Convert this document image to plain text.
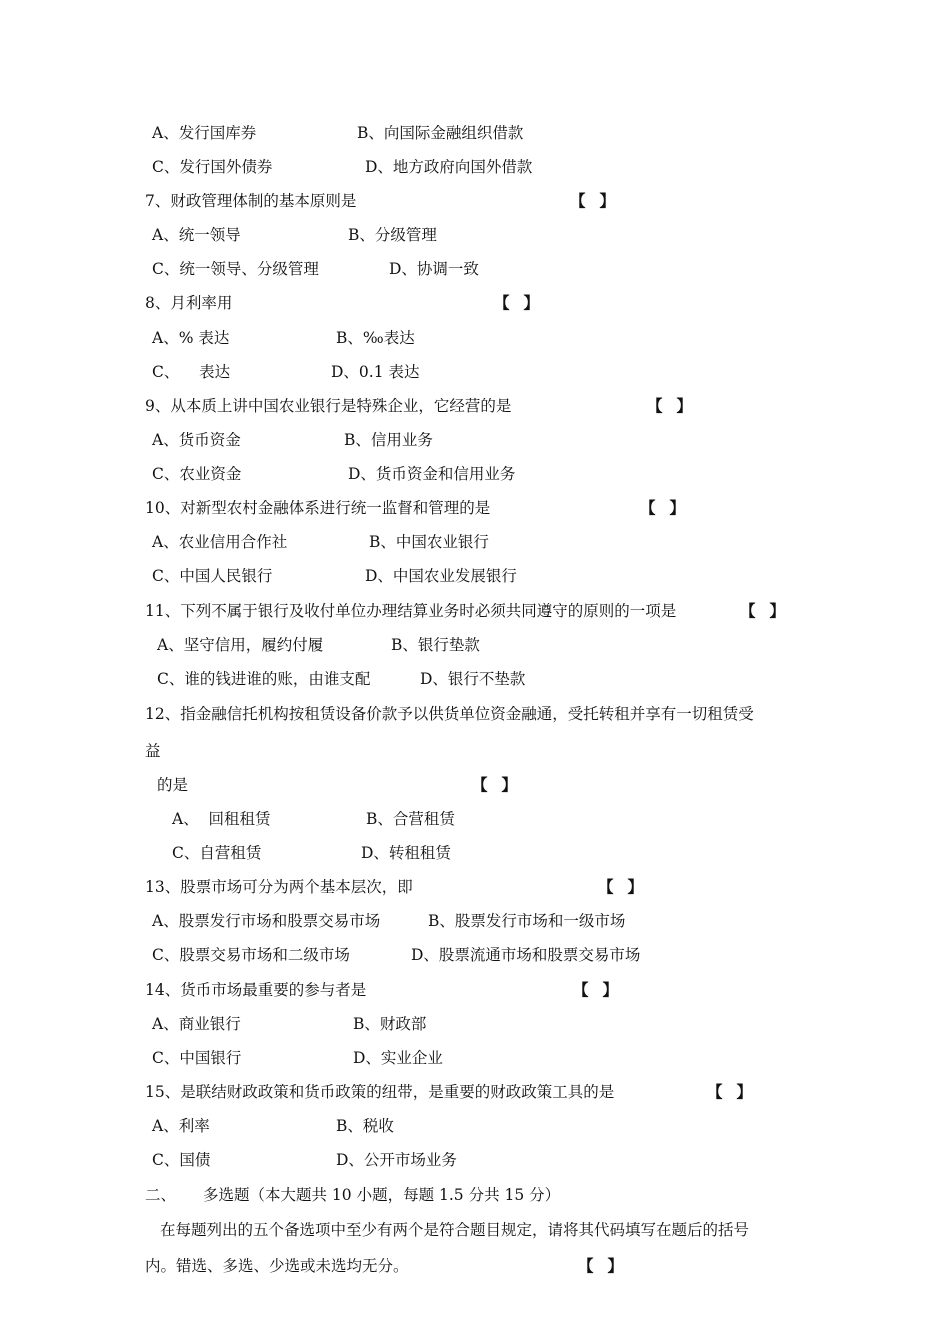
A、发行国库券	B、向国际金融组织借款
C、发行国外债券	D、地方政府向国外借款
7、财政管理体制的基本原则是	【】
A、统一领导	B、分级管理
C、统一领导、分级管理	D、协调一致
8、月利率用	【】
A、% 表达	B、‰表达
C、    表达	D、0.1 表达
9、从本质上讲中国农业银行是特殊企业，它经营的是	【】
A、货币资金	B、信用业务
C、农业资金	D、货币资金和信用业务
10、对新型农村金融体系进行统一监督和管理的是	【】
A、农业信用合作社	B、中国农业银行
C、中国人民银行	D、中国农业发展银行
11、下列不属于银行及收付单位办理结算业务时必须共同遵守的原则的一项是	【】
A、坚守信用，履约付履	B、银行垫款
C、谁的钱进谁的账，由谁支配	D、银行不垫款
12、指金融信托机构按租赁设备价款予以供货单位资金融通，受托转租并享有一切租赁受
益
的是	【】
A、  回租租赁	B、合营租赁
C、自营租赁	D、转租租赁
13、股票市场可分为两个基本层次，即	【】
A、股票发行市场和股票交易市场	B、股票发行市场和一级市场
C、股票交易市场和二级市场	D、股票流通市场和股票交易市场
14、货币市场最重要的参与者是	【】
A、商业银行	B、财政部
C、中国银行	D、实业企业
15、是联结财政政策和货币政策的纽带，是重要的财政政策工具的是	【】
A、利率	B、税收
C、国债	D、公开市场业务
二、 多选题（本大题共 10 小题，每题 1.5 分共 15 分）
在每题列出的五个备选项中至少有两个是符合题目规定，请将其代码填写在题后的括号
内。错选、多选、少选或未选均无分。	【】
